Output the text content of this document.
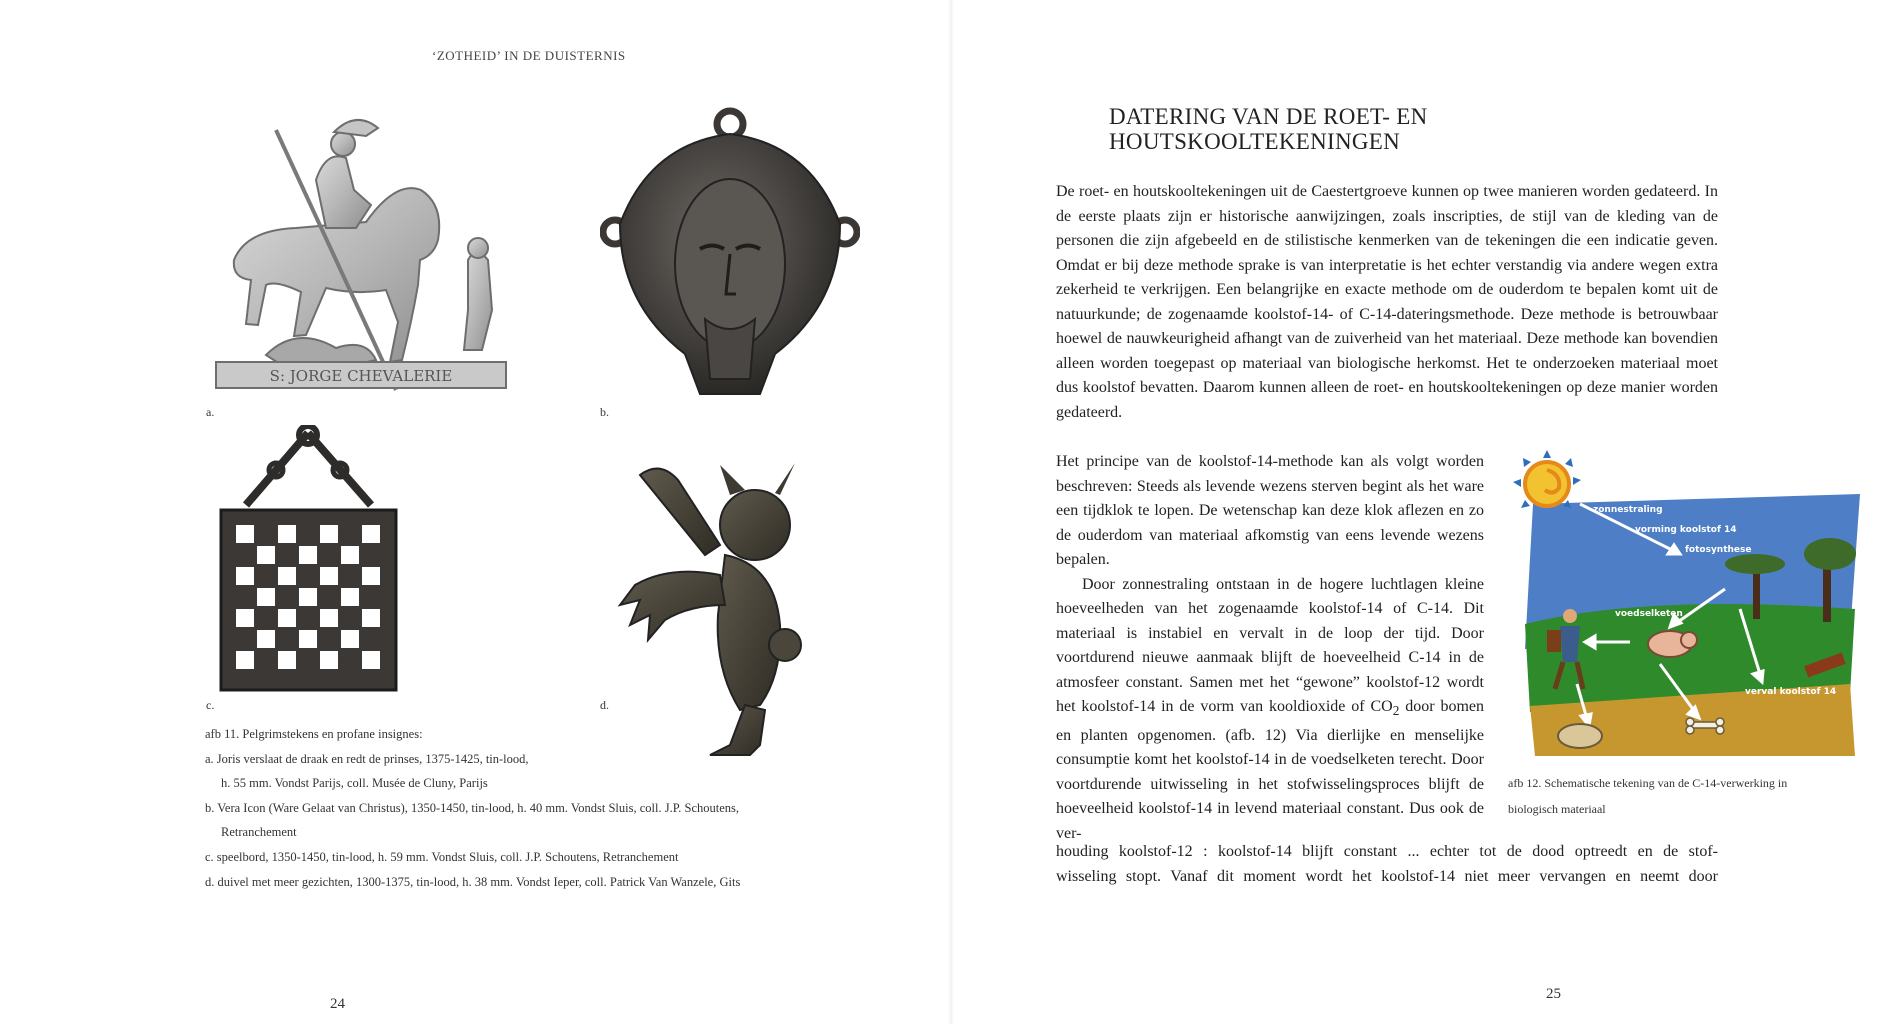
‘ZOTHEID’ IN DE DUISTERNIS
S: JORGE CHEVALERIE
a.	b.
c.	d.
afb 11. Pelgrimstekens en profane insignes:
a. Joris verslaat de draak en redt de prinses, 1375-1425, tin-lood,
h. 55 mm. Vondst Parijs, coll. Musée de Cluny, Parijs
b. Vera Icon (Ware Gelaat van Christus), 1350-1450, tin-lood, h. 40 mm. Vondst Sluis, coll. J.P. Schoutens,
Retranchement
c. speelbord, 1350-1450, tin-lood, h. 59 mm. Vondst Sluis, coll. J.P. Schoutens, Retranchement
d. duivel met meer gezichten, 1300-1375, tin-lood, h. 38 mm. Vondst Ieper, coll. Patrick Van Wanzele, Gits
24
DATERING VAN DE ROET- EN
HOUTSKOOLTEKENINGEN

De roet- en houtskooltekeningen uit de Caestertgroeve kunnen op twee manieren worden gedateerd. In de eerste plaats zijn er historische aanwijzingen, zoals inscripties, de stijl van de kleding van de personen die zijn afgebeeld en de stilistische kenmerken van de tekeningen die een indicatie geven. Omdat er bij deze methode sprake is van interpretatie is het echter verstandig via andere wegen extra zekerheid te verkrijgen. Een belangrijke en exacte methode om de ouderdom te bepalen komt uit de natuurkunde; de zogenaamde koolstof-14- of C-14-dateringsmethode. Deze methode is betrouwbaar hoewel de nauwkeurigheid afhangt van de zuiverheid van het materiaal. Deze methode kan bovendien alleen worden toegepast op materiaal van biologische herkomst. Het te onderzoeken materiaal moet dus koolstof bevatten. Daarom kunnen alleen de roet- en houtskooltekeningen op deze manier worden gedateerd.

Het principe van de koolstof-14-methode kan als volgt worden beschreven: Steeds als levende wezens sterven begint als het ware een tijdklok te lopen. De wetenschap kan deze klok aflezen en zo de ouderdom van materiaal afkomstig van eens levende wezens bepalen.

Door zonnestraling ontstaan in de hogere luchtlagen kleine hoeveelheden van het zogenaamde koolstof-14 of C-14. Dit materiaal is instabiel en vervalt in de loop der tijd. Door voortdurend nieuwe aanmaak blijft de hoeveelheid C-14 in de atmosfeer constant. Samen met het “gewone” koolstof-12 wordt het koolstof-14 in de vorm van kooldioxide of $CO_2$ door bomen en planten opgenomen. (afb. 12) Via dierlijke en menselijke consumptie komt het koolstof-14 in de voedselketen terecht. Door voortdurende uitwisseling in het stofwisselingsproces blijft de hoeveelheid koolstof-14 in levend materiaal constant. Dus ook de ver-

houding koolstof-12 : koolstof-14 blijft constant ... echter tot de dood optreedt en de stof-

wisseling stopt. Vanaf dit moment wordt het koolstof-14 niet meer vervangen en neemt door

zonnestraling
vorming koolstof 14
fotosynthese
voedselketen
verval koolstof 14
afb 12. Schematische tekening van de C-14-verwerking in
biologisch materiaal
25
